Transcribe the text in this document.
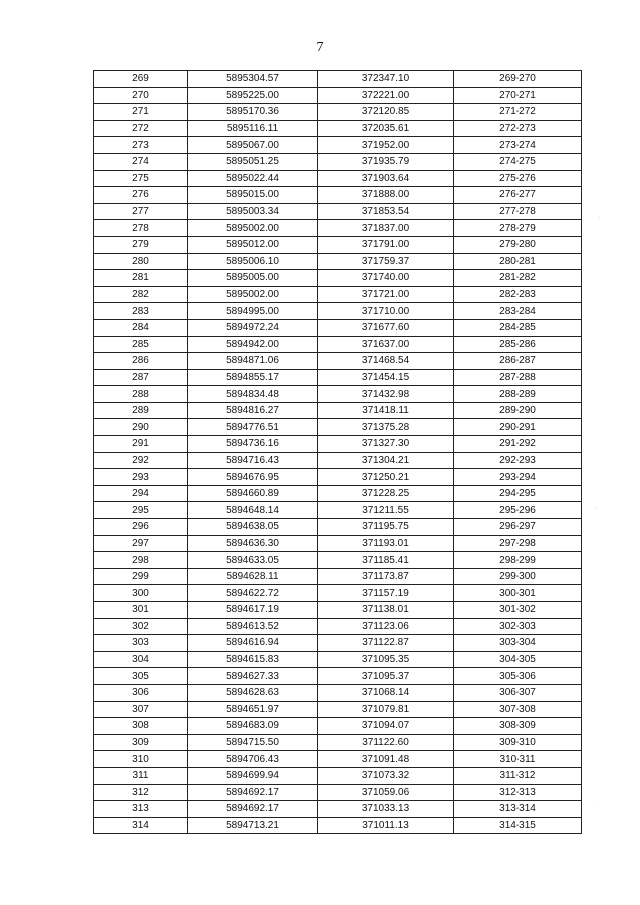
7
269	5895304.57	372347.10	269-270
270	5895225.00	372221.00	270-271
271	5895170.36	372120.85	271-272
272	5895116.11	372035.61	272-273
273	5895067.00	371952.00	273-274
274	5895051.25	371935.79	274-275
275	5895022.44	371903.64	275-276
276	5895015.00	371888.00	276-277
277	5895003.34	371853.54	277-278
278	5895002.00	371837.00	278-279
279	5895012.00	371791.00	279-280
280	5895006.10	371759.37	280-281
281	5895005.00	371740.00	281-282
282	5895002.00	371721.00	282-283
283	5894995.00	371710.00	283-284
284	5894972.24	371677.60	284-285
285	5894942.00	371637.00	285-286
286	5894871.06	371468.54	286-287
287	5894855.17	371454.15	287-288
288	5894834.48	371432.98	288-289
289	5894816.27	371418.11	289-290
290	5894776.51	371375.28	290-291
291	5894736.16	371327.30	291-292
292	5894716.43	371304.21	292-293
293	5894676.95	371250.21	293-294
294	5894660.89	371228.25	294-295
295	5894648.14	371211.55	295-296
296	5894638.05	371195.75	296-297
297	5894636.30	371193.01	297-298
298	5894633.05	371185.41	298-299
299	5894628.11	371173.87	299-300
300	5894622.72	371157.19	300-301
301	5894617.19	371138.01	301-302
302	5894613.52	371123.06	302-303
303	5894616.94	371122.87	303-304
304	5894615.83	371095.35	304-305
305	5894627.33	371095.37	305-306
306	5894628.63	371068.14	306-307
307	5894651.97	371079.81	307-308
308	5894683.09	371094.07	308-309
309	5894715.50	371122.60	309-310
310	5894706.43	371091.48	310-311
311	5894699.94	371073.32	311-312
312	5894692.17	371059.06	312-313
313	5894692.17	371033.13	313-314
314	5894713.21	371011.13	314-315
·
·
·
